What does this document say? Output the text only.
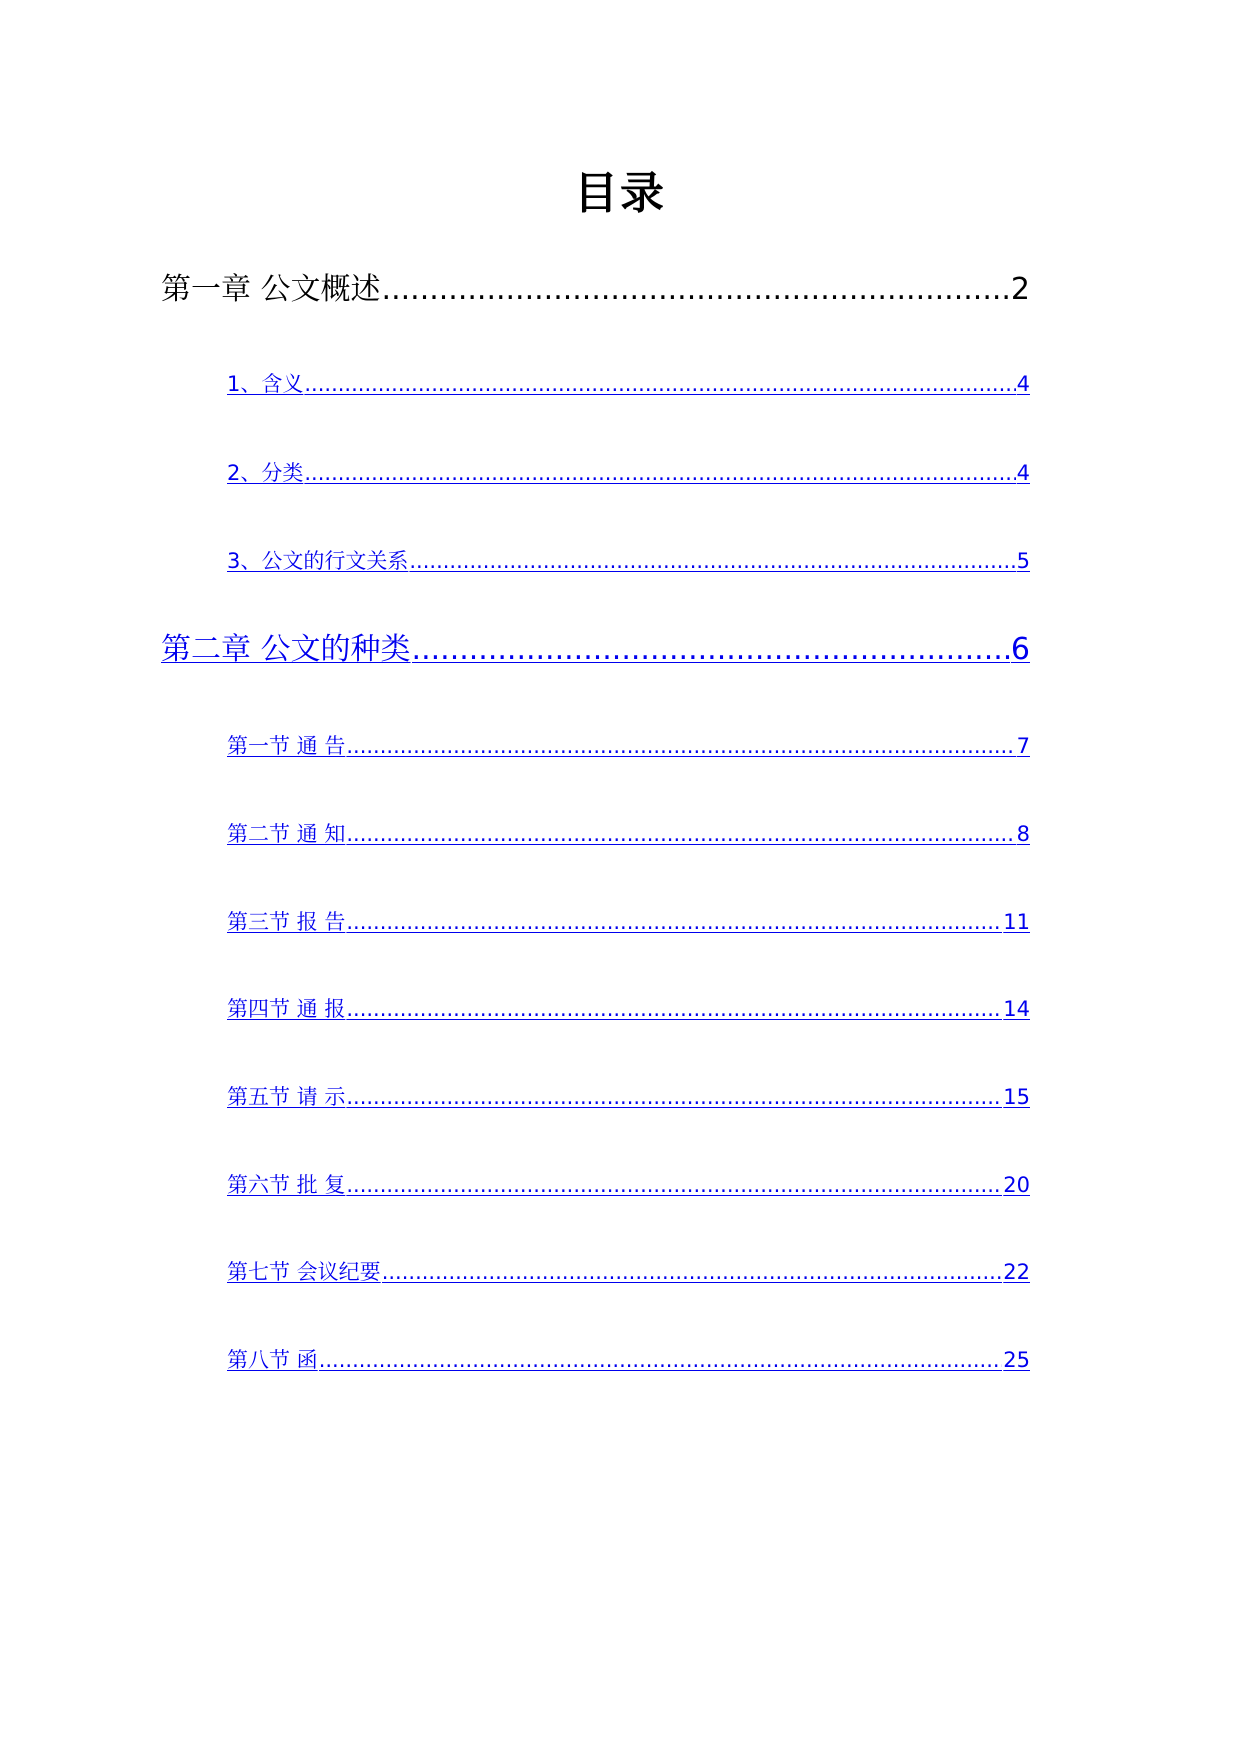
目录
第一章 公文概述 .....	2
1、含义 .....	4
2、分类 .....	4
3、公文的行文关系 .....	5
第二章 公文的种类 .....	6
第一节 通 告 .....	7
第二节 通 知 .....	8
第三节 报 告 .....	11
第四节 通 报 .....	14
第五节 请 示 .....	15
第六节 批 复 .....	20
第七节 会议纪要 .....	22
第八节 函 .....	25
